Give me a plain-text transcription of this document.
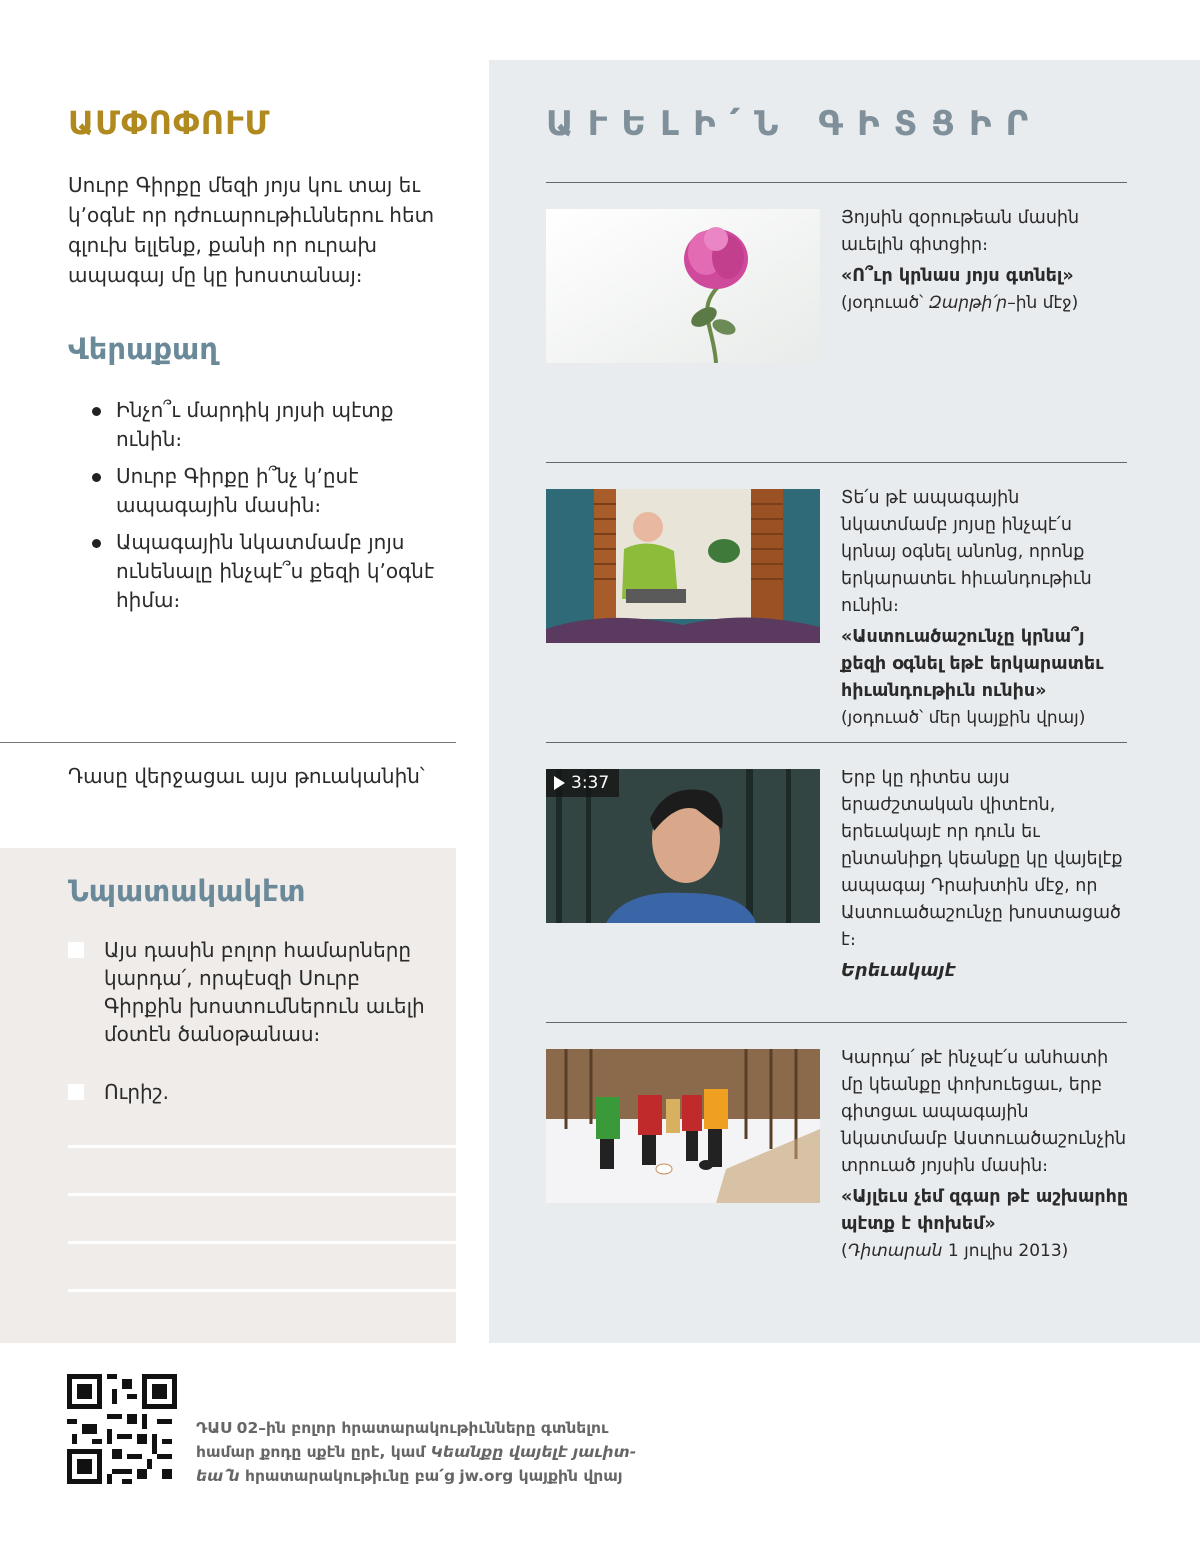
ԱՄՓՈՓՈՒՄ
Սուրբ Գիրքը մեզի յոյս կու տայ եւ կ՚օգնէ որ դժուարութիւններու հետ գլուխ ելլենք, քանի որ ուրախ ապագայ մը կը խոստանայ։
Վերաքաղ
Ինչո՞ւ մարդիկ յոյսի պէտք ունին։
Սուրբ Գիրքը ի՞նչ կ՚ըսէ ապագային մասին։
Ապագային նկատմամբ յոյս ունենալը ինչպէ՞ս քեզի կ՚օգնէ հիմա։
Դասը վերջացաւ այս թուականին՝
Նպատակակէտ
Այս դասին բոլոր համարները կարդա՛, որպէսզի Սուրբ Գիրքին խոստումներուն աւելի մօտէն ծանօթանաս։
Ուրիշ.
ԱՒԵԼԻ՛Ն ԳԻՏՑԻՐ
Յոյսին զօրութեան մասին աւելին գիտցիր։
«Ո՞ւր կրնաս յոյս գտնել»
(յօդուած՝ Զարթի՛ր–ին մէջ)
Տե՛ս թէ ապագային նկատմամբ յոյսը ինչպէ՛ս կրնայ օգնել անոնց, որոնք երկարատեւ հիւանդութիւն ունին։
«Աստուածաշունչը կրնա՞յ քեզի օգնել եթէ երկարատեւ հիւանդութիւն ունիս»
(յօդուած՝ մեր կայքին վրայ)
3:37	Երբ կը դիտես այս երաժշտական վիտէոն, երեւակայէ որ դուն եւ ընտանիքդ կեանքը կը վայելէք ապագայ Դրախտին մէջ, որ Աստուածաշունչը խոստացած է։
Երեւակայէ
Կարդա՛ թէ ինչպէ՛ս անհատի մը կեանքը փոխուեցաւ, երբ գիտցաւ ապագային նկատմամբ Աստուածաշունչին տրուած յոյսին մասին։
«Այլեւս չեմ զգար թէ աշխարհը պէտք է փոխեմ»
(Դիտարան 1 յուլիս 2013)
ԴԱՍ 02–ին բոլոր հրատարակութիւնները գտնելու
համար քոդը սքէն ըրէ, կամ Կեանքը վայելէ յաւիտ-
եա՛ն հրատարակութիւնը բա՛ց jw.org կայքին վրայ
